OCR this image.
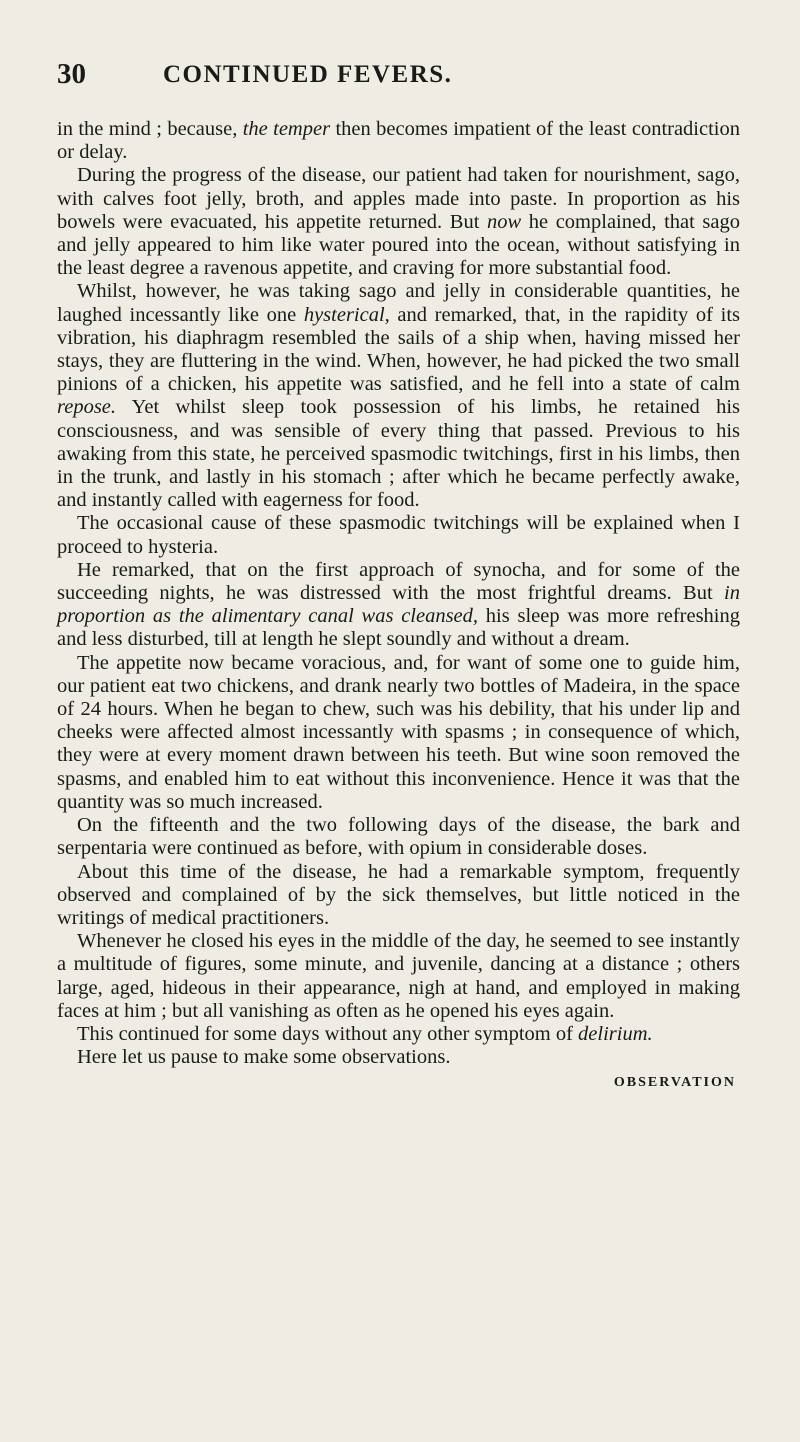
30	CONTINUED FEVERS.

in the mind ; because, the temper then becomes impatient of the least contradiction or delay.

During the progress of the disease, our patient had taken for nourishment, sago, with calves foot jelly, broth, and apples made into paste. In proportion as his bowels were evacuated, his appetite returned. But now he complained, that sago and jelly appeared to him like water poured into the ocean, without satisfying in the least degree a ravenous appetite, and craving for more substantial food.

Whilst, however, he was taking sago and jelly in considerable quantities, he laughed incessantly like one hysterical, and remarked, that, in the rapidity of its vibration, his diaphragm resembled the sails of a ship when, having missed her stays, they are fluttering in the wind. When, however, he had picked the two small pinions of a chicken, his appetite was satisfied, and he fell into a state of calm repose. Yet whilst sleep took possession of his limbs, he retained his consciousness, and was sensible of every thing that passed. Previous to his awaking from this state, he perceived spasmodic twitchings, first in his limbs, then in the trunk, and lastly in his stomach ; after which he became perfectly awake, and instantly called with eagerness for food.

The occasional cause of these spasmodic twitchings will be explained when I proceed to hysteria.

He remarked, that on the first approach of synocha, and for some of the succeeding nights, he was distressed with the most frightful dreams. But in proportion as the alimentary canal was cleansed, his sleep was more refreshing and less disturbed, till at length he slept soundly and without a dream.

The appetite now became voracious, and, for want of some one to guide him, our patient eat two chickens, and drank nearly two bottles of Madeira, in the space of 24 hours. When he began to chew, such was his debility, that his under lip and cheeks were affected almost incessantly with spasms ; in consequence of which, they were at every moment drawn between his teeth. But wine soon removed the spasms, and enabled him to eat without this inconvenience. Hence it was that the quantity was so much increased.

On the fifteenth and the two following days of the disease, the bark and serpentaria were continued as before, with opium in considerable doses.

About this time of the disease, he had a remarkable symptom, frequently observed and complained of by the sick themselves, but little noticed in the writings of medical practitioners.

Whenever he closed his eyes in the middle of the day, he seemed to see instantly a multitude of figures, some minute, and juvenile, dancing at a distance ; others large, aged, hideous in their appearance, nigh at hand, and employed in making faces at him ; but all vanishing as often as he opened his eyes again.

This continued for some days without any other symptom of delirium.

Here let us pause to make some observations.

OBSERVATION
